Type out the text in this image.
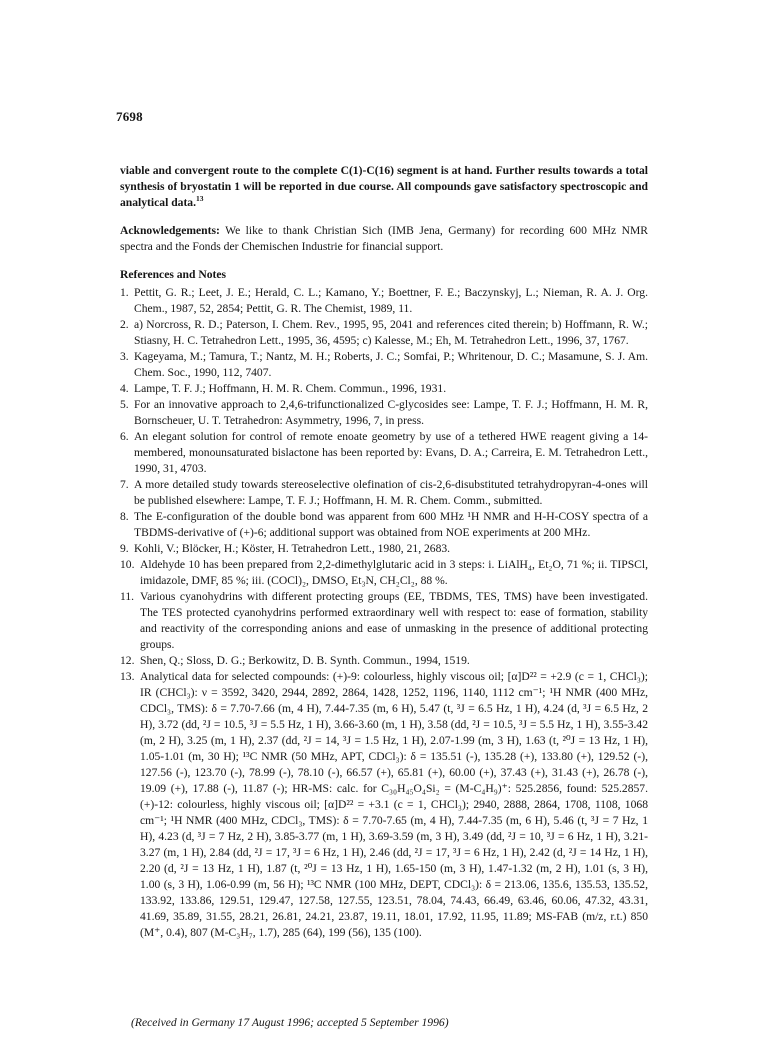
7698

viable and convergent route to the complete C(1)-C(16) segment is at hand. Further results towards a total synthesis of bryostatin 1 will be reported in due course. All compounds gave satisfactory spectroscopic and analytical data.$^{13}$

Acknowledgements: We like to thank Christian Sich (IMB Jena, Germany) for recording 600 MHz NMR spectra and the Fonds der Chemischen Industrie for financial support.

References and Notes
1. Pettit, G. R.; Leet, J. E.; Herald, C. L.; Kamano, Y.; Boettner, F. E.; Baczynskyj, L.; Nieman, R. A. J. Org. Chem., 1987, 52, 2854; Pettit, G. R. The Chemist, 1989, 11.
2. a) Norcross, R. D.; Paterson, I. Chem. Rev., 1995, 95, 2041 and references cited therein; b) Hoffmann, R. W.; Stiasny, H. C. Tetrahedron Lett., 1995, 36, 4595; c) Kalesse, M.; Eh, M. Tetrahedron Lett., 1996, 37, 1767.
3. Kageyama, M.; Tamura, T.; Nantz, M. H.; Roberts, J. C.; Somfai, P.; Whritenour, D. C.; Masamune, S. J. Am. Chem. Soc., 1990, 112, 7407.
4. Lampe, T. F. J.; Hoffmann, H. M. R. Chem. Commun., 1996, 1931.
5. For an innovative approach to 2,4,6-trifunctionalized C-glycosides see: Lampe, T. F. J.; Hoffmann, H. M. R, Bornscheuer, U. T. Tetrahedron: Asymmetry, 1996, 7, in press.
6. An elegant solution for control of remote enoate geometry by use of a tethered HWE reagent giving a 14-membered, monounsaturated bislactone has been reported by: Evans, D. A.; Carreira, E. M. Tetrahedron Lett., 1990, 31, 4703.
7. A more detailed study towards stereoselective olefination of cis-2,6-disubstituted tetrahydropyran-4-ones will be published elsewhere: Lampe, T. F. J.; Hoffmann, H. M. R. Chem. Comm., submitted.
8. The E-configuration of the double bond was apparent from 600 MHz ¹H NMR and H-H-COSY spectra of a TBDMS-derivative of (+)-6; additional support was obtained from NOE experiments at 200 MHz.
9. Kohli, V.; Blöcker, H.; Köster, H. Tetrahedron Lett., 1980, 21, 2683.
10. Aldehyde 10 has been prepared from 2,2-dimethylglutaric acid in 3 steps: i. LiAlH₄, Et₂O, 71 %; ii. TIPSCl, imidazole, DMF, 85 %; iii. (COCl)₂, DMSO, Et₃N, CH₂Cl₂, 88 %.
11. Various cyanohydrins with different protecting groups (EE, TBDMS, TES, TMS) have been investigated. The TES protected cyanohydrins performed extraordinary well with respect to: ease of formation, stability and reactivity of the corresponding anions and ease of unmasking in the presence of additional protecting groups.
12. Shen, Q.; Sloss, D. G.; Berkowitz, D. B. Synth. Commun., 1994, 1519.
13. Analytical data for selected compounds: (+)-9: colourless, highly viscous oil; [α]D²² = +2.9 (c = 1, CHCl₃); IR (CHCl₃): ν = 3592, 3420, 2944, 2892, 2864, 1428, 1252, 1196, 1140, 1112 cm⁻¹; ¹H NMR (400 MHz, CDCl₃, TMS): δ = 7.70-7.66 (m, 4 H), 7.44-7.35 (m, 6 H), 5.47 (t, ³J = 6.5 Hz, 1 H), 4.24 (d, ³J = 6.5 Hz, 2 H), 3.72 (dd, ²J = 10.5, ³J = 5.5 Hz, 1 H), 3.66-3.60 (m, 1 H), 3.58 (dd, ²J = 10.5, ³J = 5.5 Hz, 1 H), 3.55-3.42 (m, 2 H), 3.25 (m, 1 H), 2.37 (dd, ²J = 14, ³J = 1.5 Hz, 1 H), 2.07-1.99 (m, 3 H), 1.63 (t, ²⁰J = 13 Hz, 1 H), 1.05-1.01 (m, 30 H); ¹³C NMR (50 MHz, APT, CDCl₃): δ = 135.51 (-), 135.28 (+), 133.80 (+), 129.52 (-), 127.56 (-), 123.70 (-), 78.99 (-), 78.10 (-), 66.57 (+), 65.81 (+), 60.00 (+), 37.43 (+), 31.43 (+), 26.78 (-), 19.09 (+), 17.88 (-), 11.87 (-); HR-MS: calc. for C₃₀H₄₅O₄Si₂ = (M-C₄H₉)⁺: 525.2856, found: 525.2857. (+)-12: colourless, highly viscous oil; [α]D²² = +3.1 (c = 1, CHCl₃); 2940, 2888, 2864, 1708, 1108, 1068 cm⁻¹; ¹H NMR (400 MHz, CDCl₃, TMS): δ = 7.70-7.65 (m, 4 H), 7.44-7.35 (m, 6 H), 5.46 (t, ³J = 7 Hz, 1 H), 4.23 (d, ³J = 7 Hz, 2 H), 3.85-3.77 (m, 1 H), 3.69-3.59 (m, 3 H), 3.49 (dd, ²J = 10, ³J = 6 Hz, 1 H), 3.21-3.27 (m, 1 H), 2.84 (dd, ²J = 17, ³J = 6 Hz, 1 H), 2.46 (dd, ²J = 17, ³J = 6 Hz, 1 H), 2.42 (d, ²J = 14 Hz, 1 H), 2.20 (d, ²J = 13 Hz, 1 H), 1.87 (t, ²⁰J = 13 Hz, 1 H), 1.65-150 (m, 3 H), 1.47-1.32 (m, 2 H), 1.01 (s, 3 H), 1.00 (s, 3 H), 1.06-0.99 (m, 56 H); ¹³C NMR (100 MHz, DEPT, CDCl₃): δ = 213.06, 135.6, 135.53, 135.52, 133.92, 133.86, 129.51, 129.47, 127.58, 127.55, 123.51, 78.04, 74.43, 66.49, 63.46, 60.06, 47.32, 43.31, 41.69, 35.89, 31.55, 28.21, 26.81, 24.21, 23.87, 19.11, 18.01, 17.92, 11.95, 11.89; MS-FAB (m/z, r.t.) 850 (M⁺, 0.4), 807 (M-C₃H₇, 1.7), 285 (64), 199 (56), 135 (100).
(Received in Germany 17 August 1996; accepted 5 September 1996)
